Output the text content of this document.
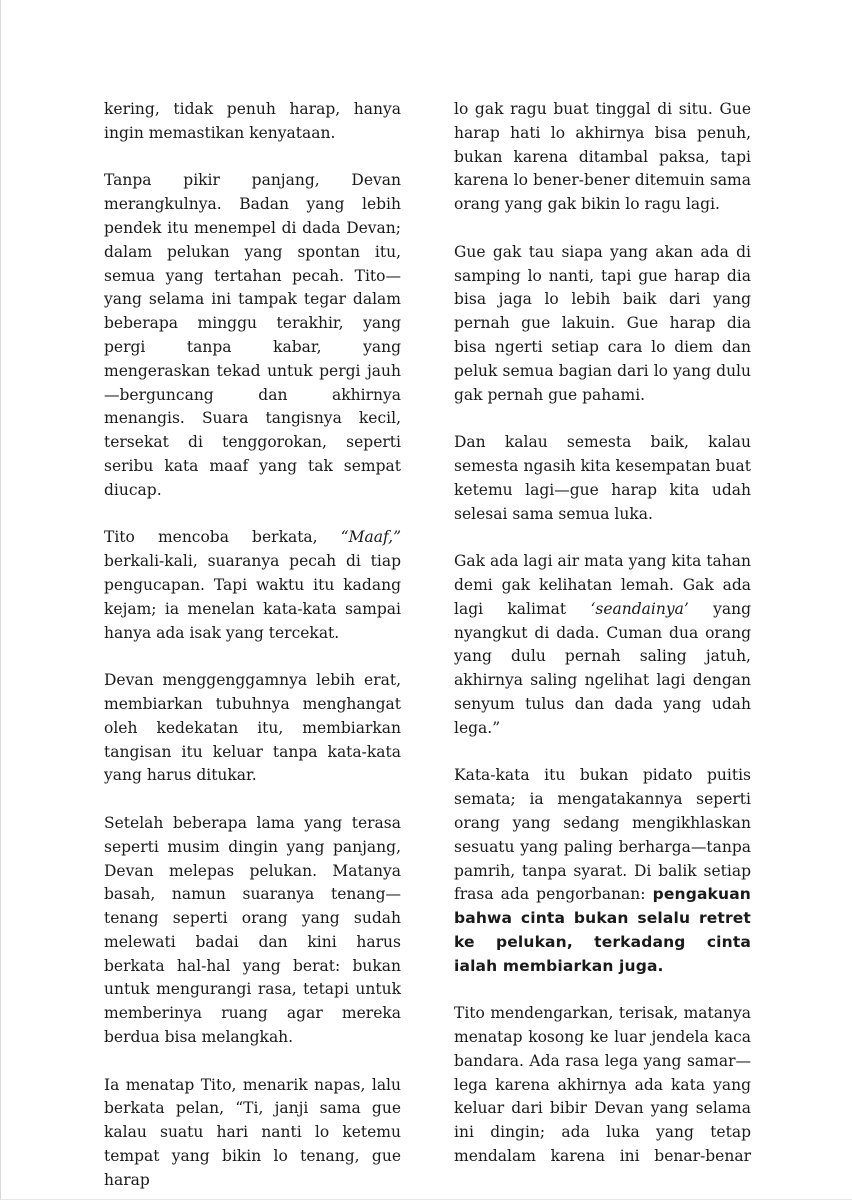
kering, tidak penuh harap, hanya ingin memastikan kenyataan.

Tanpa pikir panjang, Devan merangkulnya. Badan yang lebih pendek itu menempel di dada Devan; dalam pelukan yang spontan itu, semua yang tertahan pecah. Tito—yang selama ini tampak tegar dalam beberapa minggu terakhir, yang pergi tanpa kabar, yang mengeraskan tekad untuk pergi jauh—berguncang dan akhirnya menangis. Suara tangisnya kecil, tersekat di tenggorokan, seperti seribu kata maaf yang tak sempat diucap.

Tito mencoba berkata, “Maaf,” berkali-kali, suaranya pecah di tiap pengucapan. Tapi waktu itu kadang kejam; ia menelan kata-kata sampai hanya ada isak yang tercekat.

Devan menggenggamnya lebih erat, membiarkan tubuhnya menghangat oleh kedekatan itu, membiarkan tangisan itu keluar tanpa kata-kata yang harus ditukar.

Setelah beberapa lama yang terasa seperti musim dingin yang panjang, Devan melepas pelukan. Matanya basah, namun suaranya tenang—tenang seperti orang yang sudah melewati badai dan kini harus berkata hal-hal yang berat: bukan untuk mengurangi rasa, tetapi untuk memberinya ruang agar mereka berdua bisa melangkah.

Ia menatap Tito, menarik napas, lalu berkata pelan, “Ti, janji sama gue kalau suatu hari nanti lo ketemu tempat yang bikin lo tenang, gue harap

lo gak ragu buat tinggal di situ. Gue harap hati lo akhirnya bisa penuh, bukan karena ditambal paksa, tapi karena lo bener-bener ditemuin sama orang yang gak bikin lo ragu lagi.

Gue gak tau siapa yang akan ada di samping lo nanti, tapi gue harap dia bisa jaga lo lebih baik dari yang pernah gue lakuin. Gue harap dia bisa ngerti setiap cara lo diem dan peluk semua bagian dari lo yang dulu gak pernah gue pahami.

Dan kalau semesta baik, kalau semesta ngasih kita kesempatan buat ketemu lagi—gue harap kita udah selesai sama semua luka.

Gak ada lagi air mata yang kita tahan demi gak kelihatan lemah. Gak ada lagi kalimat ‘seandainya’ yang nyangkut di dada. Cuman dua orang yang dulu pernah saling jatuh, akhirnya saling ngelihat lagi dengan senyum tulus dan dada yang udah lega.”

Kata-kata itu bukan pidato puitis semata; ia mengatakannya seperti orang yang sedang mengikhlaskan sesuatu yang paling berharga—tanpa pamrih, tanpa syarat. Di balik setiap frasa ada pengorbanan: pengakuan bahwa cinta bukan selalu retret ke pelukan, terkadang cinta ialah membiarkan juga.

Tito mendengarkan, terisak, matanya menatap kosong ke luar jendela kaca bandara. Ada rasa lega yang samar—lega karena akhirnya ada kata yang keluar dari bibir Devan yang selama ini dingin; ada luka yang tetap mendalam karena ini benar-benar
